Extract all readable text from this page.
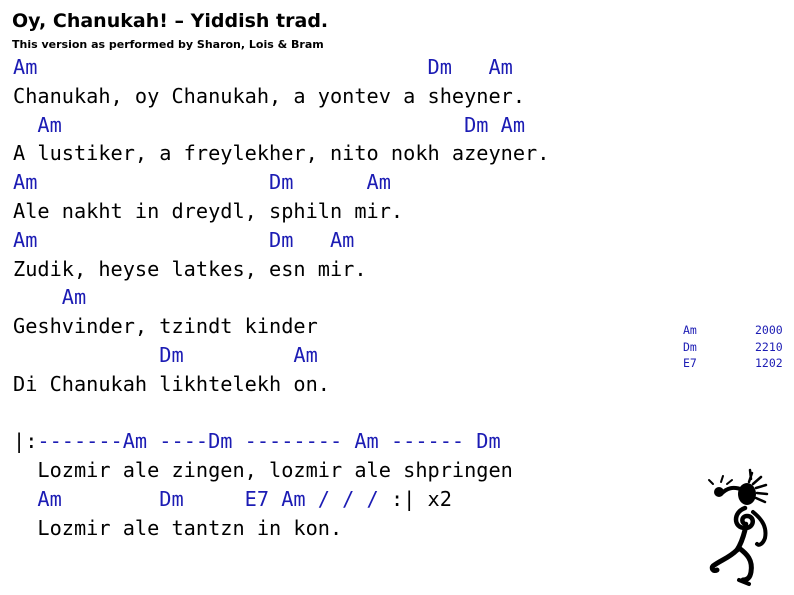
Oy, Chanukah! – Yiddish trad.
This version as performed by Sharon, Lois & Bram
Am                                Dm   Am
Chanukah, oy Chanukah, a yontev a sheyner.
Am                                 Dm Am
A lustiker, a freylekher, nito nokh azeyner.
Am                   Dm      Am
Ale nakht in dreydl, sphiln mir.
Am                   Dm   Am
Zudik, heyse latkes, esn mir.
Am
Geshvinder, tzindt kinder
Dm         Am
Di Chanukah likhtelekh on.
|:-------Am ----Dm -------- Am ------ Dm
Lozmir ale zingen, lozmir ale shpringen
Am        Dm     E7 Am / / / :| x2
Lozmir ale tantzn in kon.
Am	2000
Dm	2210
E7	1202
